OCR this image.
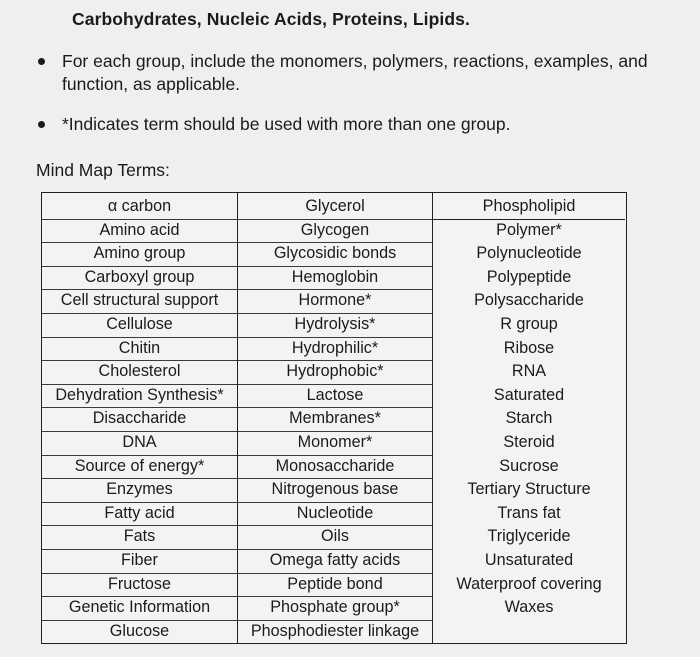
Carbohydrates, Nucleic Acids, Proteins, Lipids.
For each group, include the monomers, polymers, reactions, examples, and function, as applicable.
*Indicates term should be used with more than one group.
Mind Map Terms:
α carbon
Amino acid
Amino group
Carboxyl group
Cell structural support
Cellulose
Chitin
Cholesterol
Dehydration Synthesis*
Disaccharide
DNA
Source of energy*
Enzymes
Fatty acid
Fats
Fiber
Fructose
Genetic Information
Glucose
Glycerol
Glycogen
Glycosidic bonds
Hemoglobin
Hormone*
Hydrolysis*
Hydrophilic*
Hydrophobic*
Lactose
Membranes*
Monomer*
Monosaccharide
Nitrogenous base
Nucleotide
Oils
Omega fatty acids
Peptide bond
Phosphate group*
Phosphodiester linkage
Phospholipid
Polymer*
Polynucleotide
Polypeptide
Polysaccharide
R group
Ribose
RNA
Saturated
Starch
Steroid
Sucrose
Tertiary Structure
Trans fat
Triglyceride
Unsaturated
Waterproof covering
Waxes
